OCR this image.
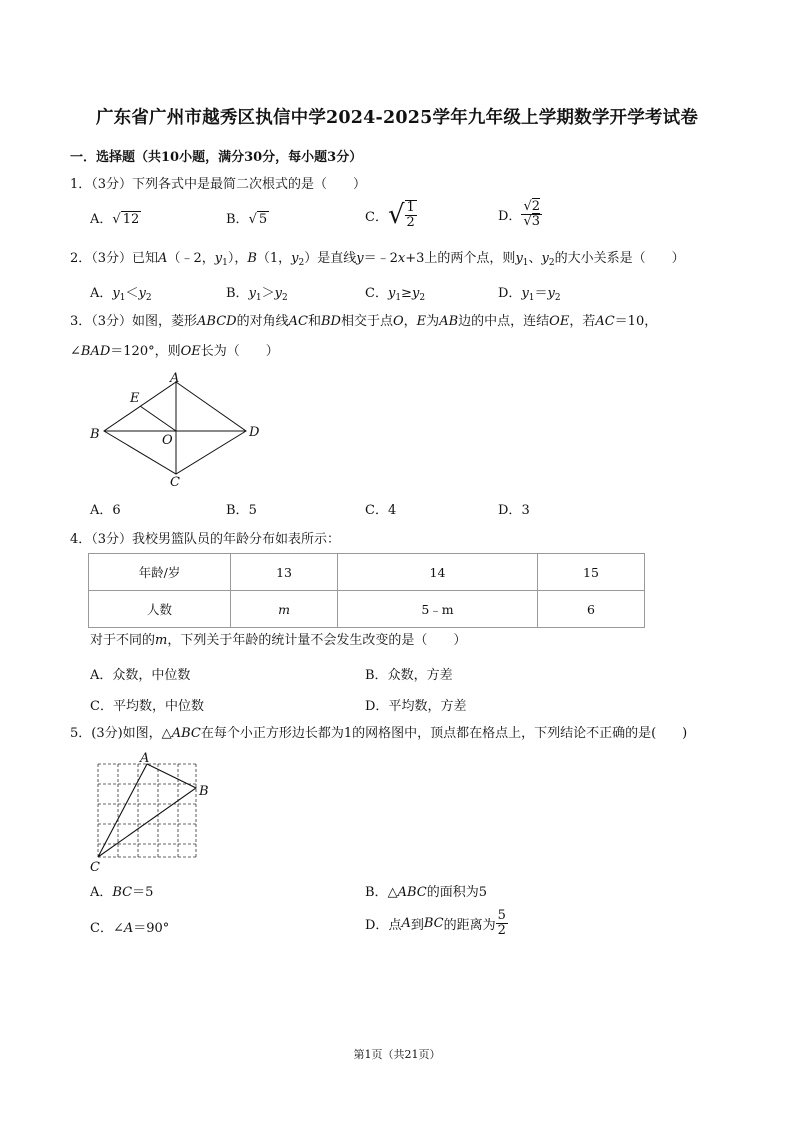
广东省广州市越秀区执信中学2024-2025学年九年级上学期数学开学考试卷
一．选择题（共10小题，满分30分，每小题3分）
1．（3分）下列各式中是最简二次根式的是（　　）
A．√ 12	B．√ 5	C． √ $\frac{1}{2}$	D． $\frac{√2}{√3}$
2．（3分）已知A（﹣2，$y_1$），B（1，$y_2$）是直线y＝﹣2x+3上的两个点，则$y_1$、$y_2$的大小关系是（　　）
A．$y_1<y_2$	B．$y_1>y_2$	C．$y_1\ge y_2$	D．$y_1=y_2$
3．（3分）如图，菱形ABCD的对角线AC和BD相交于点O，E为AB边的中点，连结OE，若AC＝10，
∠BAD＝120°，则OE长为（　　）
A
B
C
D
E
O
A．6	B．5	C．4	D．3
4．（3分）我校男篮队员的年龄分布如表所示：
年龄/岁	13	14	15
人数	m	5﹣m	6
对于不同的m，下列关于年龄的统计量不会发生改变的是（　　）
A．众数，中位数	B．众数，方差
C．平均数，中位数	D．平均数，方差
5．(3分)如图，△ABC在每个小正方形边长都为1的网格图中，顶点都在格点上，下列结论不正确的是(　　)
A
B
C
A．BC＝5	B．△ABC的面积为5
C．∠A＝90°	D． 点 A 到 BC 的距离为 $\frac{5}{2}$
第1页（共21页）
